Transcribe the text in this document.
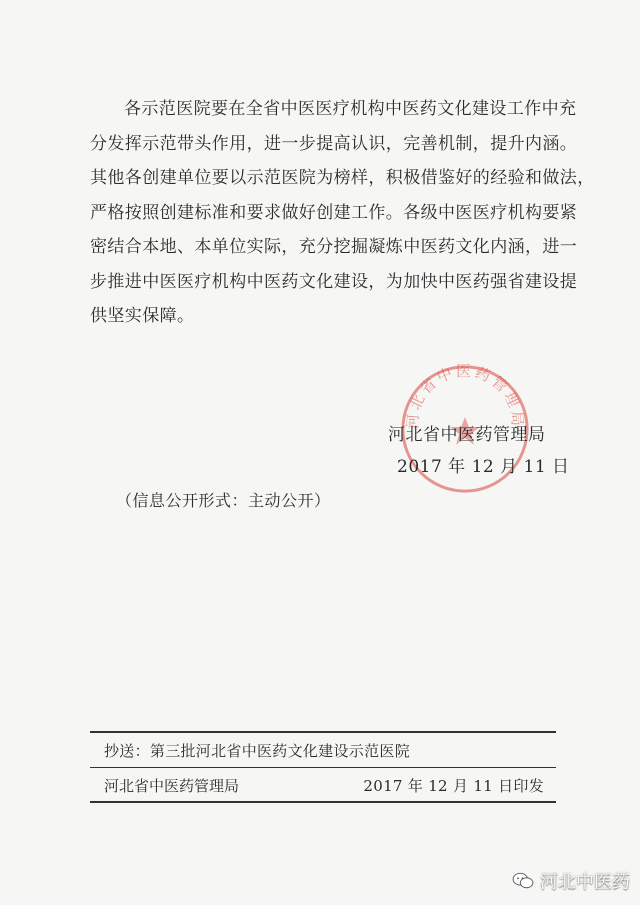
各示范医院要在全省中医医疗机构中医药文化建设工作中充
分发挥示范带头作用，进一步提高认识，完善机制，提升内涵。
其他各创建单位要以示范医院为榜样，积极借鉴好的经验和做法，
严格按照创建标准和要求做好创建工作。各级中医医疗机构要紧
密结合本地、本单位实际，充分挖掘凝炼中医药文化内涵，进一
步推进中医医疗机构中医药文化建设，为加快中医药强省建设提
供坚实保障。
河北省中医药管理局
河北省中医药管理局
2017 年 12 月 11 日
（信息公开形式：主动公开）
抄送：第三批河北省中医药文化建设示范医院
河北省中医药管理局	2017 年 12 月 11 日印发
河北中医药
